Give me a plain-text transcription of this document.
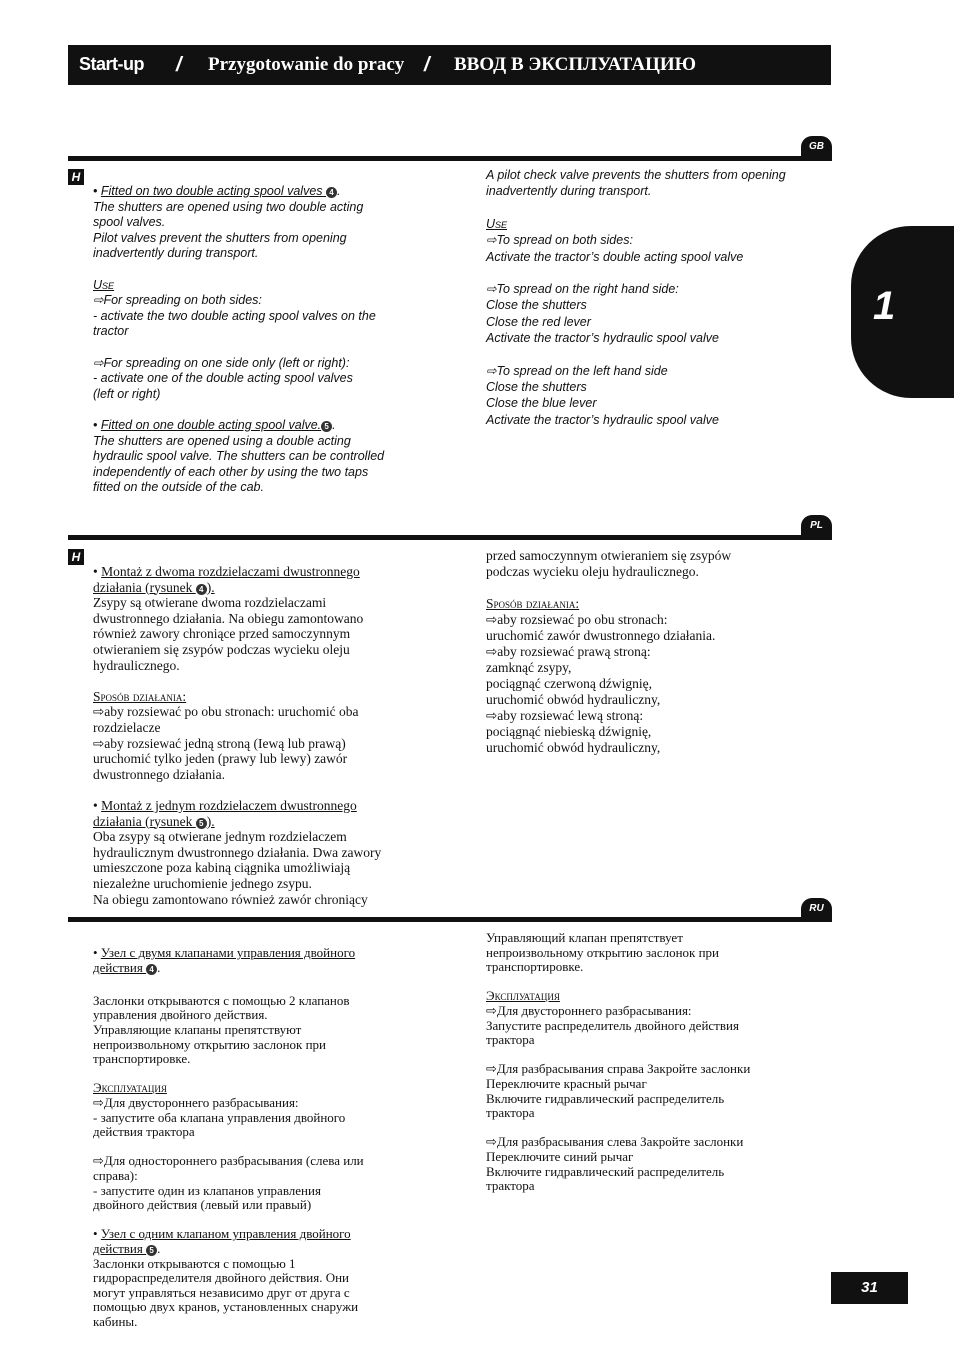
Start-up / Przygotowanie do pracy / ВВОД В ЭКСПЛУАТАЦИЮ
GB
H
• Fitted on two double acting spool valves 4 .
The shutters are opened using two double acting
spool valves.
Pilot valves prevent the shutters from opening
inadvertently during transport.
Use
⇨For spreading on both sides:
- activate the two double acting spool valves on the
tractor
⇨For spreading on one side only (left or right):
- activate one of the double acting spool valves
(left or right)
• Fitted on one double acting spool valve. 5 .
The shutters are opened using a double acting
hydraulic spool valve. The shutters can be controlled
independently of each other by using the two taps
fitted on the outside of the cab.
A pilot check valve prevents the shutters from opening
inadvertently during transport.
Use
⇨To spread on both sides:
Activate the tractor’s double acting spool valve
⇨To spread on the right hand side:
Close the shutters
Close the red lever
Activate the tractor’s hydraulic spool valve
⇨To spread on the left hand side
Close the shutters
Close the blue lever
Activate the tractor’s hydraulic spool valve
1
PL
H
• Montaż z dwoma rozdzielaczami dwustronnego
działania (rysunek 4 ).
Zsypy są otwierane dwoma rozdzielaczami
dwustronnego działania. Na obiegu zamontowano
również zawory chroniące przed samoczynnym
otwieraniem się zsypów podczas wycieku oleju
hydraulicznego.
Sposób działania:
⇨aby rozsiewać po obu stronach: uruchomić oba
rozdzielacze
⇨aby rozsiewać jedną stroną (Iewą lub prawą)
uruchomić tylko jeden (prawy lub lewy) zawór
dwustronnego działania.
• Montaż z jednym rozdzielaczem dwustronnego
działania (rysunek 5 ).
Oba zsypy są otwierane jednym rozdzielaczem
hydraulicznym dwustronnego działania. Dwa zawory
umieszczone poza kabiną ciągnika umożliwiają
niezależne uruchomienie jednego zsypu.
Na obiegu zamontowano również zawór chroniący
przed samoczynnym otwieraniem się zsypów
podczas wycieku oleju hydraulicznego.
Sposób działania:
⇨aby rozsiewać po obu stronach:
uruchomić zawór dwustronnego działania.
⇨aby rozsiewać prawą stroną:
zamknąć zsypy,
pociągnąć czerwoną dźwignię,
uruchomić obwód hydrauliczny,
⇨aby rozsiewać lewą stroną:
pociągnąć niebieską dźwignię,
uruchomić obwód hydrauliczny,
RU
• Узел с двумя клапанами управления двойного
действия 4 .
Заслонки открываются с помощью 2 клапанов
управления двойного действия.
Управляющие клапаны препятствуют
непроизвольному открытию заслонок при
транспортировке.
Эксплуатация
⇨Для двустороннего разбрасывания:
- запустите оба клапана управления двойного
действия трактора
⇨Для одностороннего разбрасывания (слева или
справа):
- запустите один из клапанов управления
двойного действия (левый или правый)
• Узел с одним клапаном управления двойного
действия 5 .
Заслонки открываются с помощью 1
гидрораспределителя двойного действия. Они
могут управляться независимо друг от друга с
помощью двух кранов, установленных снаружи
кабины.
Управляющий клапан препятствует
непроизвольному открытию заслонок при
транспортировке.
Эксплуатация
⇨Для двустороннего разбрасывания:
Запустите распределитель двойного действия
трактора
⇨Для разбрасывания справа Закройте заслонки
Переключите красный рычаг
Включите гидравлический распределитель
трактора
⇨Для разбрасывания слева Закройте заслонки
Переключите синий рычаг
Включите гидравлический распределитель
трактора
31
